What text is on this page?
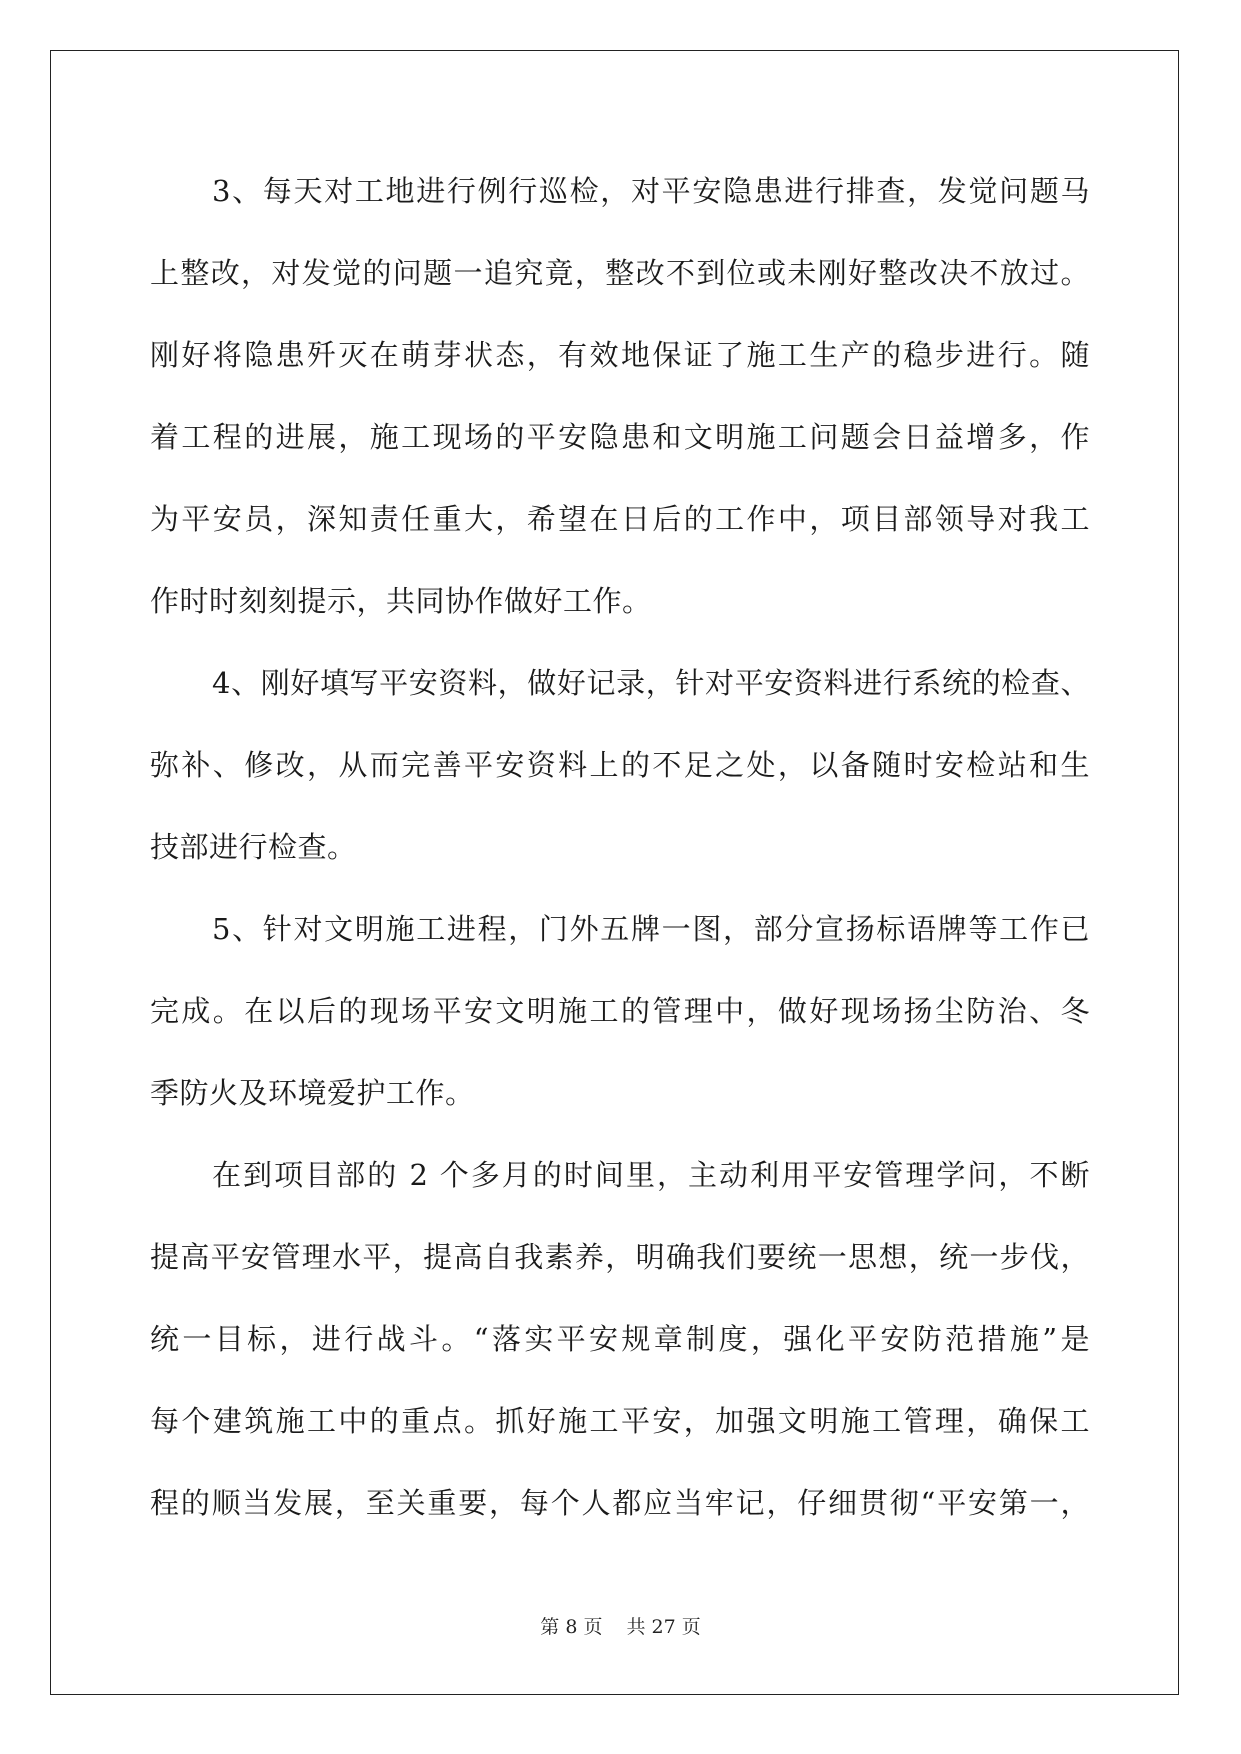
3、每天对工地进行例行巡检，对平安隐患进行排查，发觉问题马
上整改，对发觉的问题一追究竟，整改不到位或未刚好整改决不放过。
刚好将隐患歼灭在萌芽状态，有效地保证了施工生产的稳步进行。随
着工程的进展，施工现场的平安隐患和文明施工问题会日益增多，作
为平安员，深知责任重大，希望在日后的工作中，项目部领导对我工
作时时刻刻提示，共同协作做好工作。
4、刚好填写平安资料，做好记录，针对平安资料进行系统的检查、
弥补、修改，从而完善平安资料上的不足之处，以备随时安检站和生
技部进行检查。
5、针对文明施工进程，门外五牌一图，部分宣扬标语牌等工作已
完成。在以后的现场平安文明施工的管理中，做好现场扬尘防治、冬
季防火及环境爱护工作。
在到项目部的 2 个多月的时间里，主动利用平安管理学问，不断
提高平安管理水平，提高自我素养，明确我们要统一思想，统一步伐，
统一目标，进行战斗。“落实平安规章制度，强化平安防范措施”是
每个建筑施工中的重点。抓好施工平安，加强文明施工管理，确保工
程的顺当发展，至关重要，每个人都应当牢记，仔细贯彻“平安第一，
第 8 页 共 27 页
